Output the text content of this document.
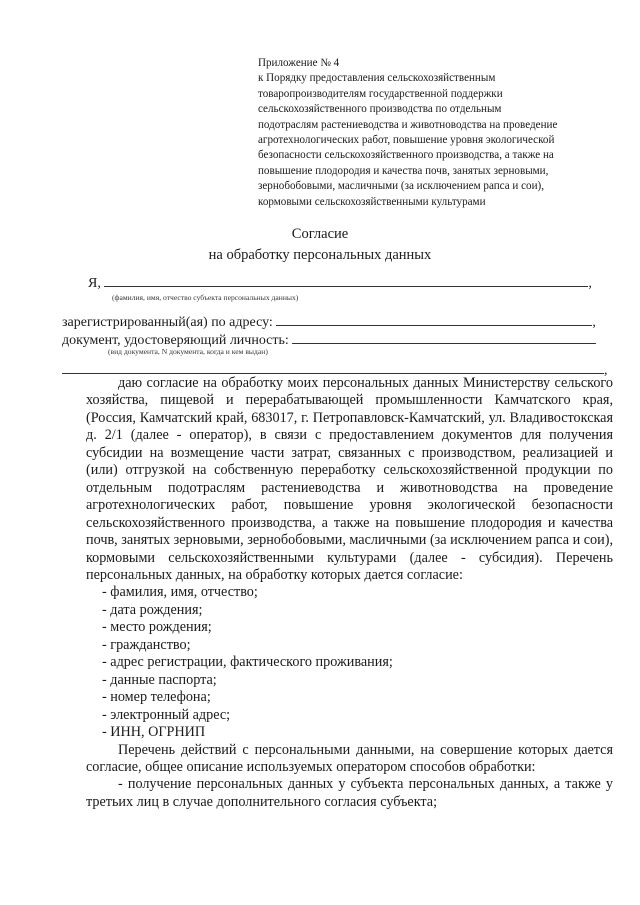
Приложение № 4
к Порядку предоставления сельскохозяйственным
товаропроизводителям государственной поддержки
сельскохозяйственного производства по отдельным
подотраслям растениеводства и животноводства на проведение
агротехнологических работ, повышение уровня экологической
безопасности сельскохозяйственного производства, а также на
повышение плодородия и качества почв, занятых зерновыми,
зернобобовыми, масличными (за исключением рапса и сои),
кормовыми сельскохозяйственными культурами
Согласие
на обработку персональных данных
Я,	,
(фамилия, имя, отчество субъекта персональных данных)
зарегистрированный(ая) по адресу:	,
документ, удостоверяющий личность:
(вид документа, N документа, когда и кем выдан)
,

даю согласие на обработку моих персональных данных Министерству сельского хозяйства, пищевой и перерабатывающей промышленности Камчатского края, (Россия, Камчатский край, 683017, г. Петропавловск-Камчатский, ул. Владивостокская д. 2/1 (далее - оператор), в связи с предоставлением документов для получения субсидии на возмещение части затрат, связанных с производством, реализацией и (или) отгрузкой на собственную переработку сельскохозяйственной продукции по отдельным подотраслям растениеводства и животноводства на проведение агротехнологических работ, повышение уровня экологической безопасности сельскохозяйственного производства, а также на повышение плодородия и качества почв, занятых зерновыми, зернобобовыми, масличными (за исключением рапса и сои), кормовыми сельскохозяйственными культурами (далее - субсидия). Перечень персональных данных, на обработку которых дается согласие:

- фамилия, имя, отчество;

- дата рождения;

- место рождения;

- гражданство;

- адрес регистрации, фактического проживания;

- данные паспорта;

- номер телефона;

- электронный адрес;

- ИНН, ОГРНИП

Перечень действий с персональными данными, на совершение которых дается согласие, общее описание используемых оператором способов обработки:

- получение персональных данных у субъекта персональных данных, а также у третьих лиц в случае дополнительного согласия субъекта;
